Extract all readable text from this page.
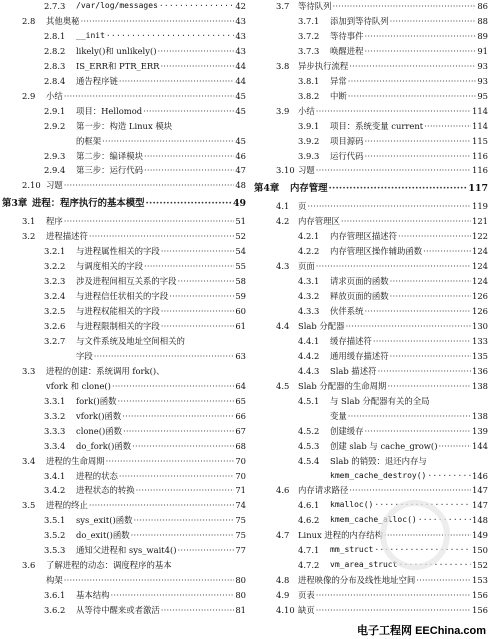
2.7.3 /var/log/messages ·····	42
2.8 其他奥秘 ·····	43
2.8.1 __init ·····	43
2.8.2 likely()和 unlikely() ·····	43
2.8.3 IS_ERR和 PTR_ERR ·····	44
2.8.4 通告程序链 ·····	44
2.9 小结 ·····	45
2.9.1 项目：Hellomod ·····	45
2.9.2 第一步：构造 Linux 模块
的框架 ·····	45
2.9.3 第二步：编译模块 ·····	46
2.9.4 第三步：运行代码 ·····	47
2.10 习题 ·····	48
第3章 进程：程序执行的基本模型 ·····	49
3.1 程序 ·····	51
3.2 进程描述符 ·····	52
3.2.1 与进程属性相关的字段 ·····	54
3.2.2 与调度相关的字段 ·····	55
3.2.3 涉及进程间相互关系的字段 ·····	58
3.2.4 与进程信任状相关的字段 ·····	59
3.2.5 与进程权能相关的字段 ·····	60
3.2.6 与进程限制相关的字段 ·····	61
3.2.7 与文件系统及地址空间相关的
字段 ·····	63
3.3 进程的创建：系统调用 fork()、
vfork 和 clone() ·····	64
3.3.1 fork()函数 ·····	65
3.3.2 vfork()函数 ·····	66
3.3.3 clone()函数 ·····	67
3.3.4 do_fork()函数 ·····	68
3.4 进程的生命周期 ·····	70
3.4.1 进程的状态 ·····	70
3.4.2 进程状态的转换 ·····	71
3.5 进程的终止 ·····	74
3.5.1 sys_exit()函数 ·····	75
3.5.2 do_exit()函数 ·····	75
3.5.3 通知父进程和 sys_wait4() ·····	77
3.6 了解进程的动态：调度程序的基本
构架 ·····	80
3.6.1 基本结构 ·····	80
3.6.2 从等待中醒来或者激活 ·····	81
3.7 等待队列 ·····	86
3.7.1 添加到等待队列 ·····	88
3.7.2 等待事件 ·····	89
3.7.3 唤醒进程 ·····	91
3.8 异步执行流程 ·····	93
3.8.1 异常 ·····	93
3.8.2 中断 ·····	95
3.9 小结 ·····	114
3.9.1 项目：系统变量 current ·····	114
3.9.2 项目源码 ·····	115
3.9.3 运行代码 ·····	116
3.10 习题 ·····	116
第4章 内存管理 ·····	117
4.1 页 ·····	119
4.2 内存管理区 ·····	121
4.2.1 内存管理区描述符 ·····	122
4.2.2 内存管理区操作辅助函数 ·····	124
4.3 页面 ·····	124
4.3.1 请求页面的函数 ·····	124
4.3.2 释放页面的函数 ·····	126
4.3.3 伙伴系统 ·····	126
4.4 Slab 分配器 ·····	130
4.4.1 缓存描述符 ·····	133
4.4.2 通用缓存描述符 ·····	135
4.4.3 Slab 描述符 ·····	136
4.5 Slab 分配器的生命周期 ·····	138
4.5.1 与 Slab 分配器有关的全局
变量 ·····	138
4.5.2 创建缓存 ·····	139
4.5.3 创建 slab 与 cache_grow() ·····	144
4.5.4 Slab 的销毁：退还内存与
kmem_cache_destroy() ·····	146
4.6 内存请求路径 ·····	147
4.6.1 kmalloc() ·····	147
4.6.2 kmem_cache_alloc() ·····	148
4.7 Linux 进程的内存结构 ·····	149
4.7.1 mm_struct ·····	150
4.7.2 vm_area_struct ·····	152
4.8 进程映像的分布及线性地址空间 ·····	153
4.9 页表 ·····	156
4.10 缺页 ·····	156
电子工程网 EEChina.com
